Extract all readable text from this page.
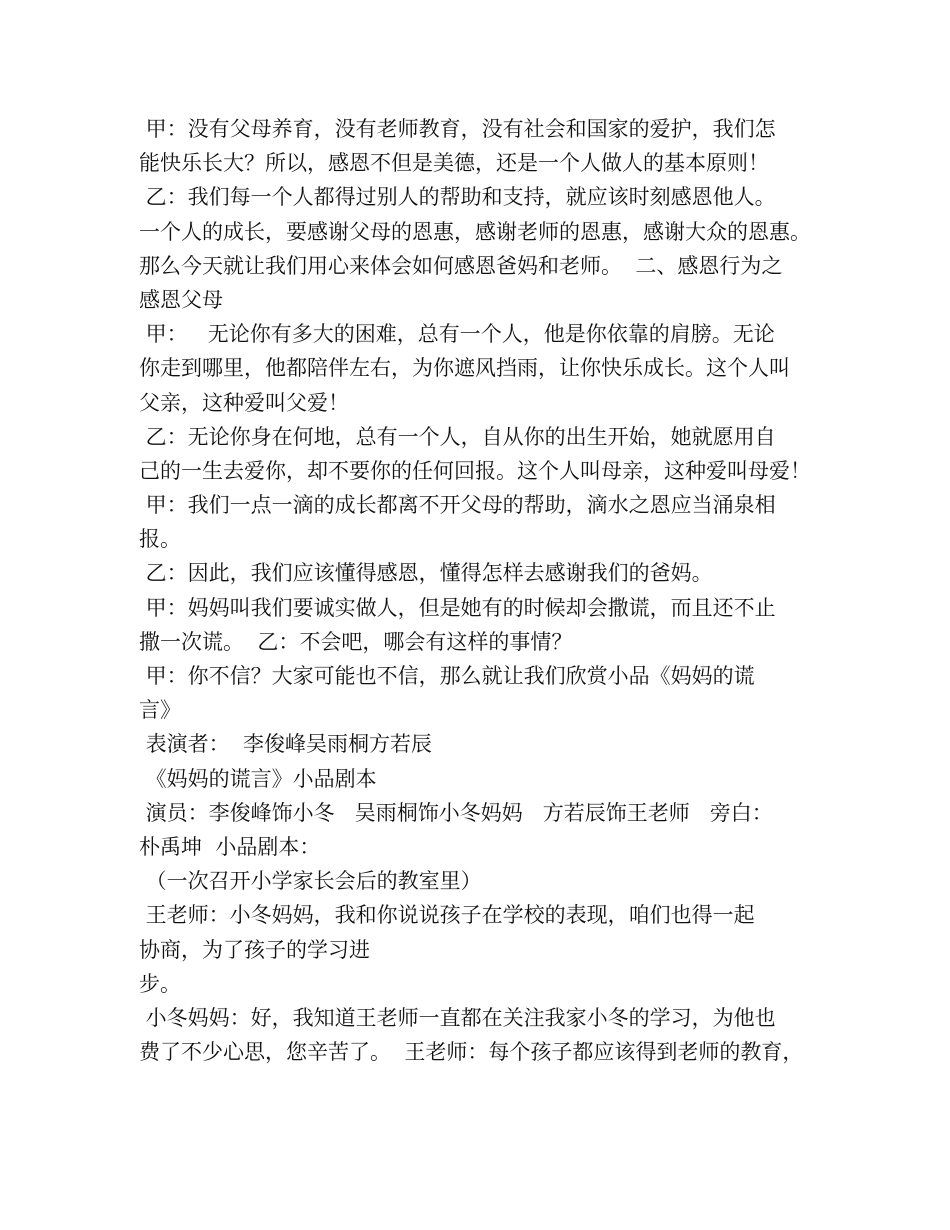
甲：没有父母养育，没有老师教育，没有社会和国家的爱护，我们怎
能快乐长大？所以，感恩不但是美德，还是一个人做人的基本原则！
乙：我们每一个人都得过别人的帮助和支持，就应该时刻感恩他人。
一个人的成长，要感谢父母的恩惠，感谢老师的恩惠，感谢大众的恩惠。
那么今天就让我们用心来体会如何感恩爸妈和老师。  二、感恩行为之
感恩父母
甲：   无论你有多大的困难，总有一个人，他是你依靠的肩膀。无论
你走到哪里，他都陪伴左右，为你遮风挡雨，让你快乐成长。这个人叫
父亲，这种爱叫父爱！
乙：无论你身在何地，总有一个人，自从你的出生开始，她就愿用自
己的一生去爱你，却不要你的任何回报。这个人叫母亲，这种爱叫母爱！
甲：我们一点一滴的成长都离不开父母的帮助，滴水之恩应当涌泉相
报。
乙：因此，我们应该懂得感恩，懂得怎样去感谢我们的爸妈。
甲：妈妈叫我们要诚实做人，但是她有的时候却会撒谎，而且还不止
撒一次谎。  乙：不会吧，哪会有这样的事情？
甲：你不信？大家可能也不信，那么就让我们欣赏小品《妈妈的谎
言》
表演者：  李俊峰吴雨桐方若辰
《妈妈的谎言》小品剧本
演员：李俊峰饰小冬   吴雨桐饰小冬妈妈   方若辰饰王老师   旁白：
朴禹坤  小品剧本：
（一次召开小学家长会后的教室里）
王老师：小冬妈妈，我和你说说孩子在学校的表现，咱们也得一起
协商，为了孩子的学习进
步。
小冬妈妈：好，我知道王老师一直都在关注我家小冬的学习，为他也
费了不少心思，您辛苦了。  王老师：每个孩子都应该得到老师的教育，
